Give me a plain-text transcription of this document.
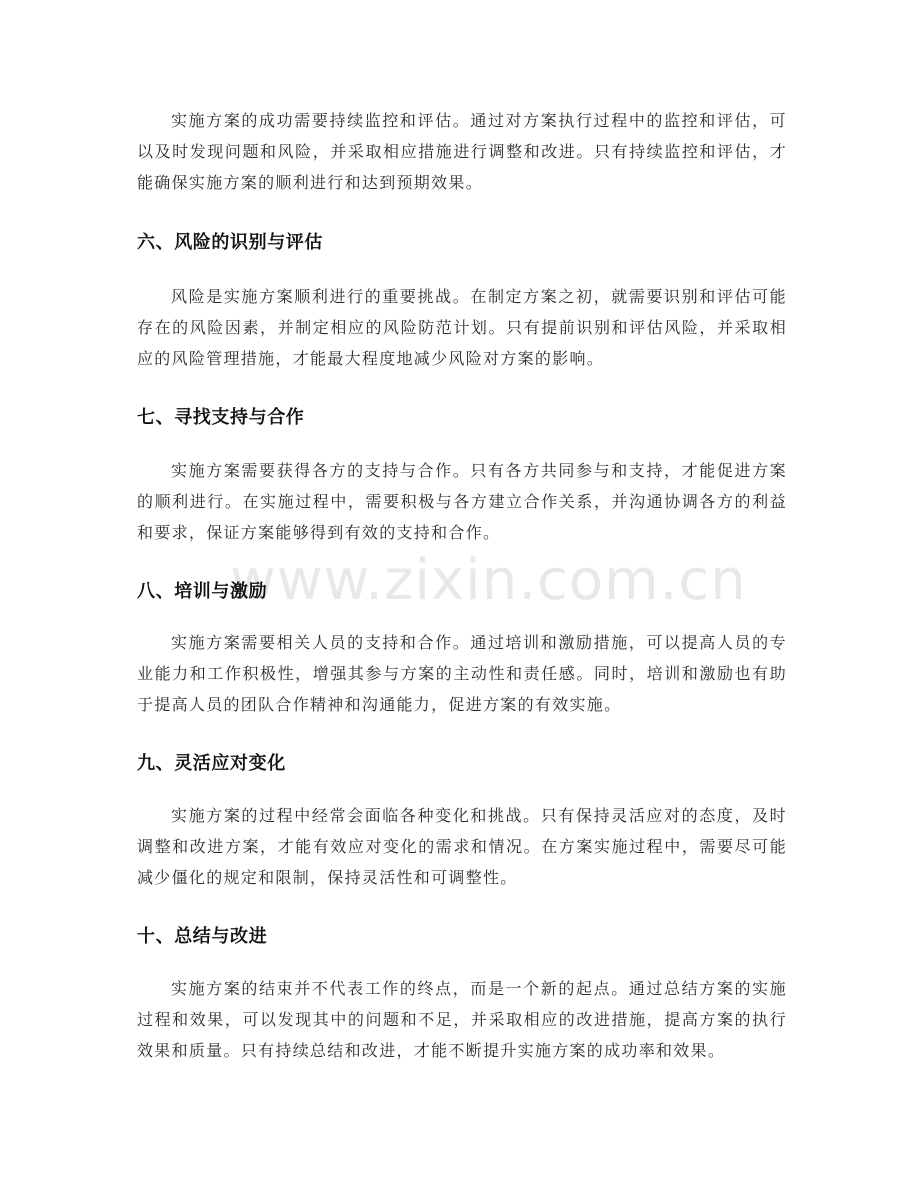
实施方案的成功需要持续监控和评估。通过对方案执行过程中的监控和评估，可以及时发现问题和风险，并采取相应措施进行调整和改进。只有持续监控和评估，才能确保实施方案的顺利进行和达到预期效果。

六、风险的识别与评估

风险是实施方案顺利进行的重要挑战。在制定方案之初，就需要识别和评估可能存在的风险因素，并制定相应的风险防范计划。只有提前识别和评估风险，并采取相应的风险管理措施，才能最大程度地减少风险对方案的影响。

七、寻找支持与合作

实施方案需要获得各方的支持与合作。只有各方共同参与和支持，才能促进方案的顺利进行。在实施过程中，需要积极与各方建立合作关系，并沟通协调各方的利益和要求，保证方案能够得到有效的支持和合作。

八、培训与激励

实施方案需要相关人员的支持和合作。通过培训和激励措施，可以提高人员的专业能力和工作积极性，增强其参与方案的主动性和责任感。同时，培训和激励也有助于提高人员的团队合作精神和沟通能力，促进方案的有效实施。

九、灵活应对变化

实施方案的过程中经常会面临各种变化和挑战。只有保持灵活应对的态度，及时调整和改进方案，才能有效应对变化的需求和情况。在方案实施过程中，需要尽可能减少僵化的规定和限制，保持灵活性和可调整性。

十、总结与改进

实施方案的结束并不代表工作的终点，而是一个新的起点。通过总结方案的实施过程和效果，可以发现其中的问题和不足，并采取相应的改进措施，提高方案的执行效果和质量。只有持续总结和改进，才能不断提升实施方案的成功率和效果。

www.zixin.com.cn
